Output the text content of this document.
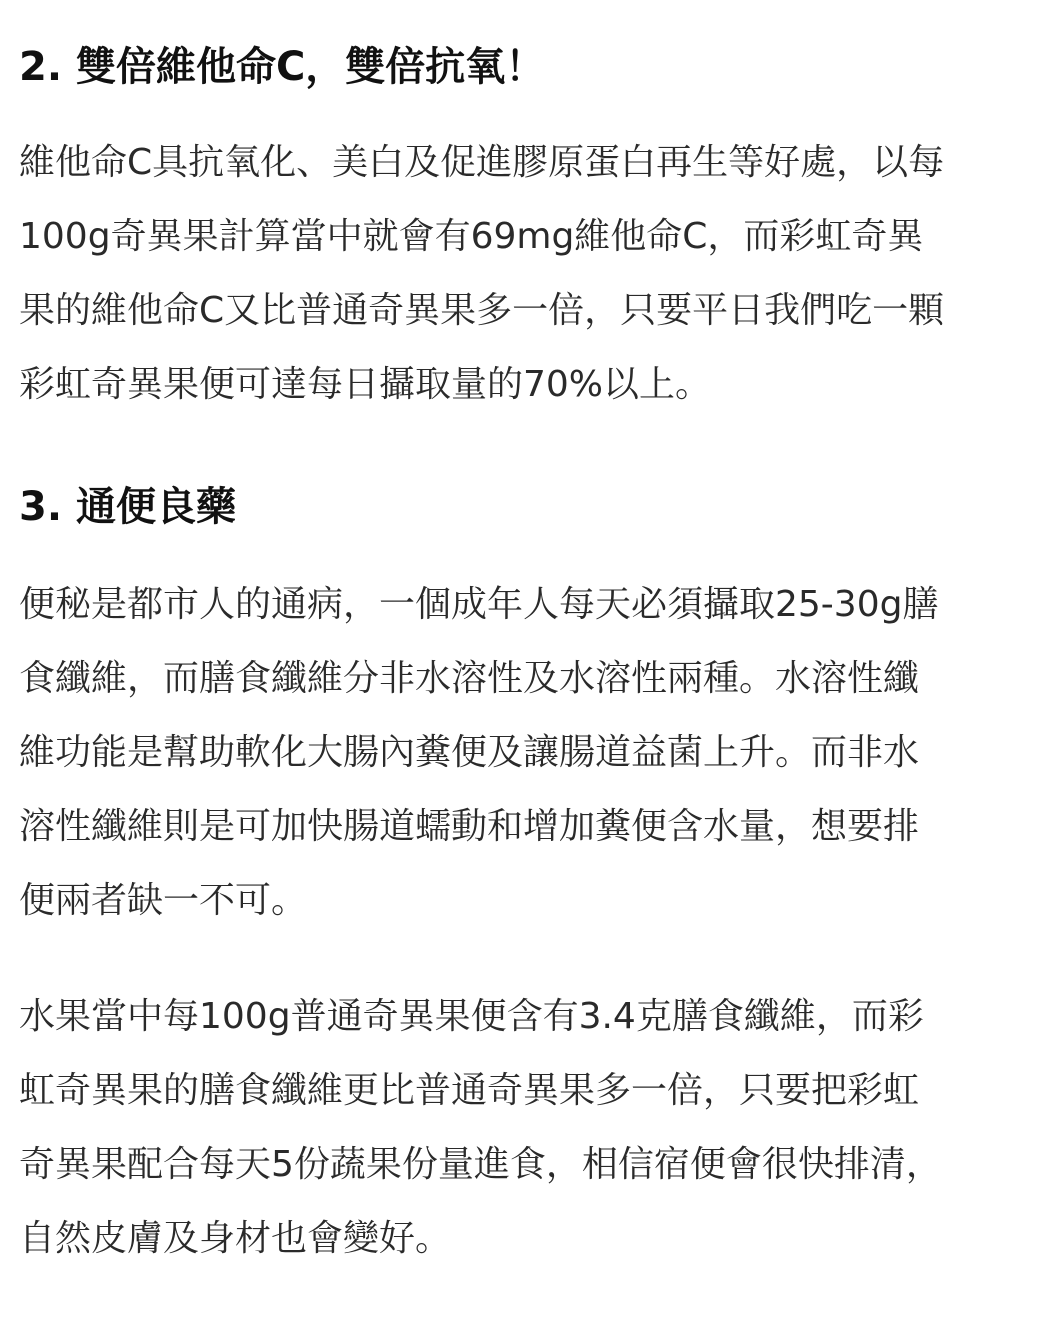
2. 雙倍維他命C，雙倍抗氧！

維他命C具抗氧化、美白及促進膠原蛋白再生等好處，以每
100g奇異果計算當中就會有69mg維他命C，而彩虹奇異
果的維他命C又比普通奇異果多一倍，只要平日我們吃一顆
彩虹奇異果便可達每日攝取量的70%以上。

3. 通便良藥

便秘是都市人的通病，一個成年人每天必須攝取25-30g膳
食纖維，而膳食纖維分非水溶性及水溶性兩種。水溶性纖
維功能是幫助軟化大腸內糞便及讓腸道益菌上升。而非水
溶性纖維則是可加快腸道蠕動和增加糞便含水量，想要排
便兩者缺一不可。

水果當中每100g普通奇異果便含有3.4克膳食纖維，而彩
虹奇異果的膳食纖維更比普通奇異果多一倍，只要把彩虹
奇異果配合每天5份蔬果份量進食，相信宿便會很快排清，
自然皮膚及身材也會變好。
